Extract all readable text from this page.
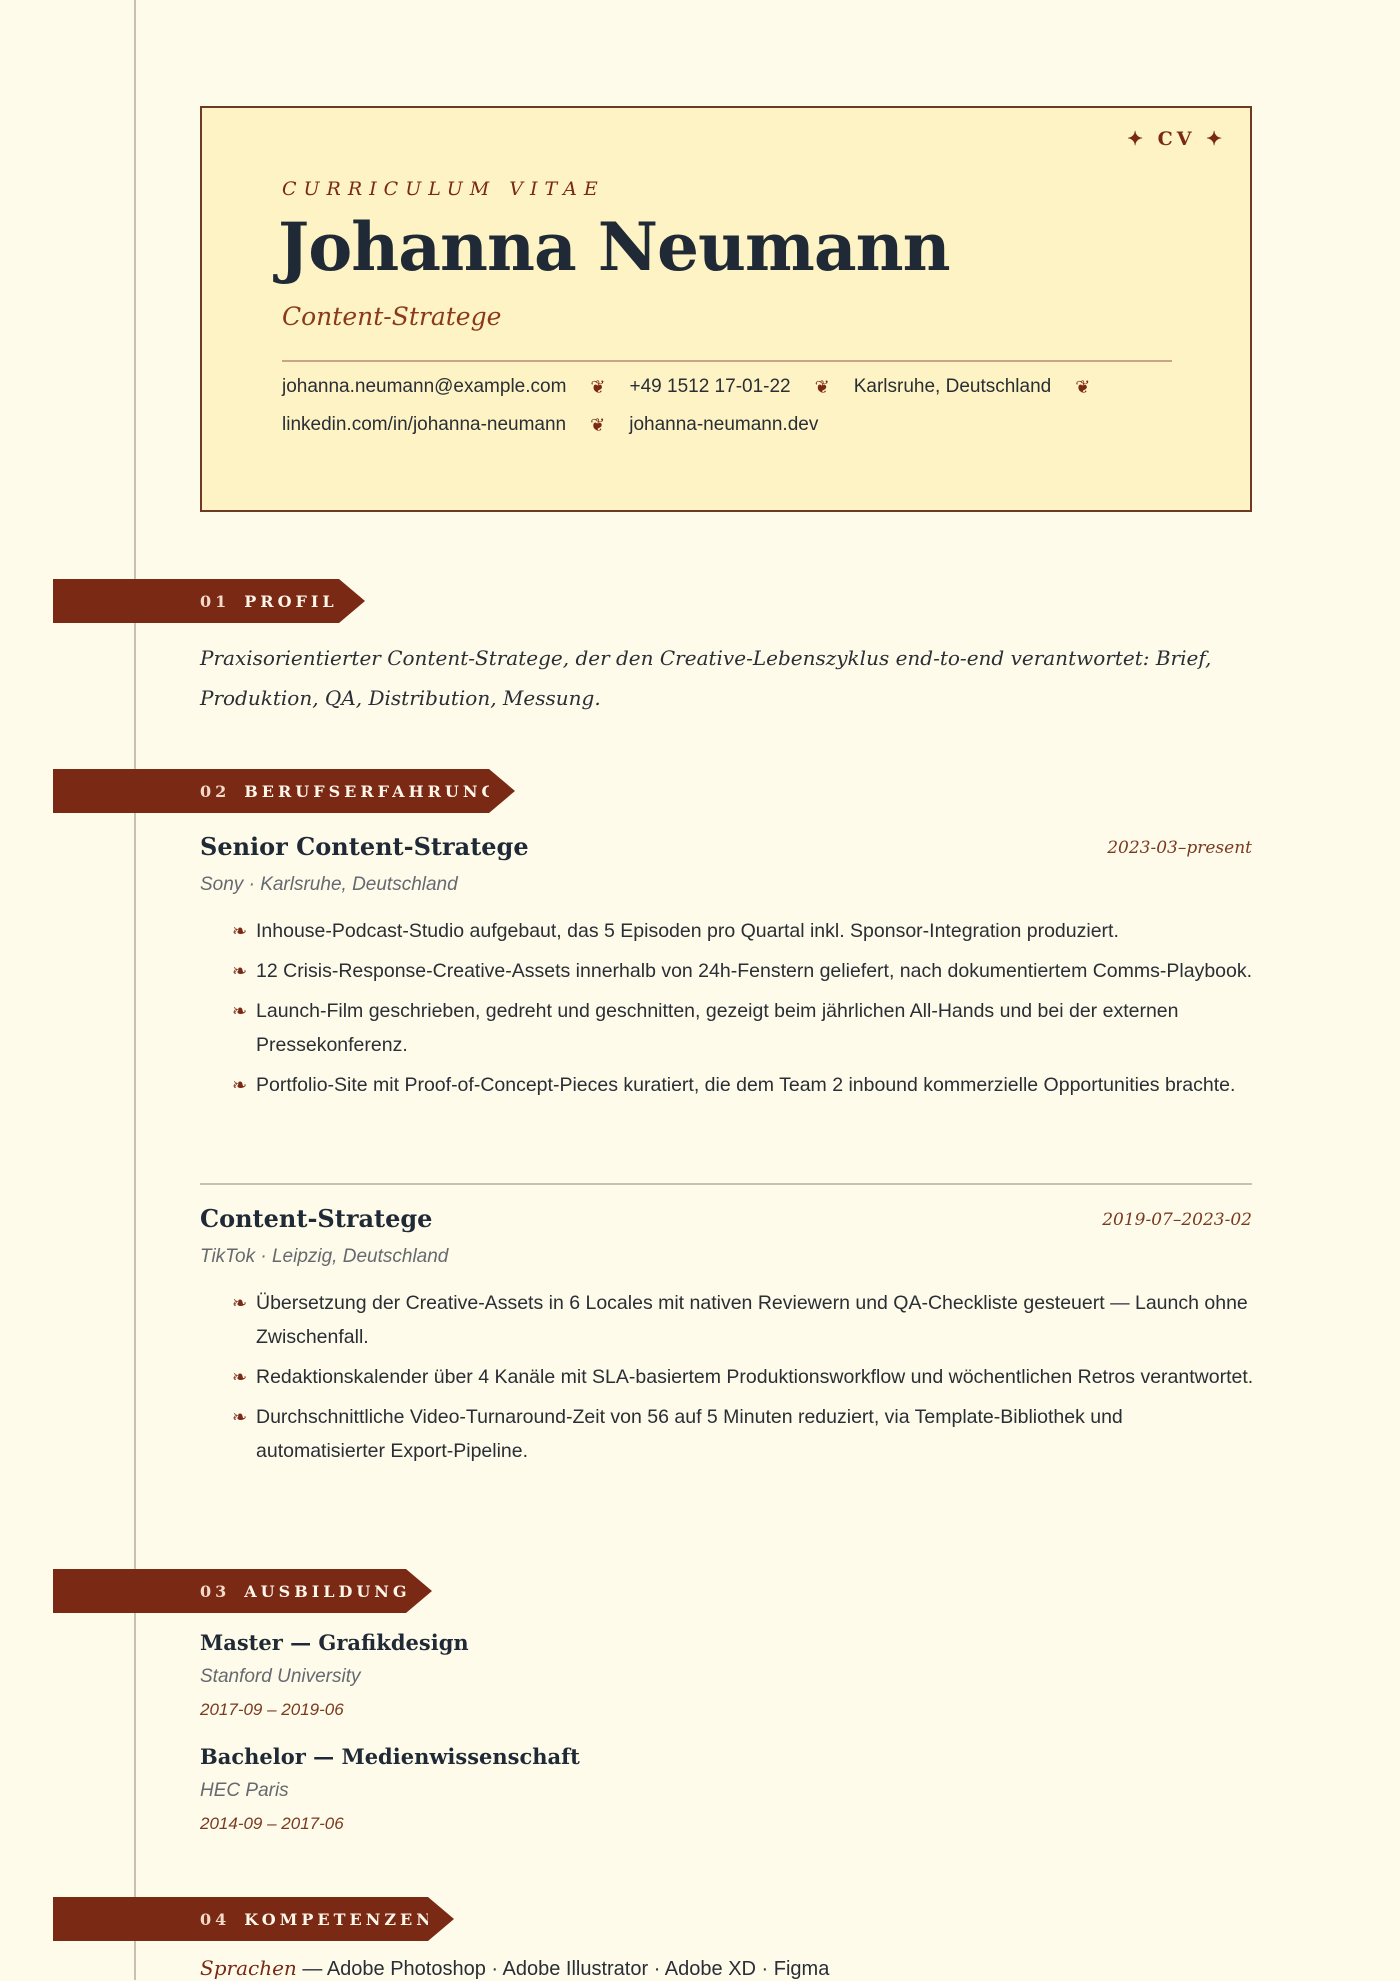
✦ CV ✦
CURRICULUM VITAE
Johanna Neumann
Content-Stratege
johanna.neumann@example.com ❦ +49 1512 17-01-22 ❦ Karlsruhe, Deutschland ❦
linkedin.com/in/johanna-neumann ❦ johanna-neumann.dev
01 PROFIL

Praxisorientierter Content-Stratege, der den Creative-Lebenszyklus end-to-end verantwortet: Brief, Produktion, QA, Distribution, Messung.

02 BERUFSERFAHRUNG
Senior Content-Stratege	2023-03–present
Sony · Karlsruhe, Deutschland
❧ Inhouse-Podcast-Studio aufgebaut, das 5 Episoden pro Quartal inkl. Sponsor-Integration produziert.
❧ 12 Crisis-Response-Creative-Assets innerhalb von 24h-Fenstern geliefert, nach dokumentiertem Comms-Playbook.
❧ Launch-Film geschrieben, gedreht und geschnitten, gezeigt beim jährlichen All-Hands und bei der externen Pressekonferenz.
❧ Portfolio-Site mit Proof-of-Concept-Pieces kuratiert, die dem Team 2 inbound kommerzielle Opportunities brachte.
Content-Stratege	2019-07–2023-02
TikTok · Leipzig, Deutschland
❧ Übersetzung der Creative-Assets in 6 Locales mit nativen Reviewern und QA-Checkliste gesteuert — Launch ohne Zwischenfall.
❧ Redaktionskalender über 4 Kanäle mit SLA-basiertem Produktionsworkflow und wöchentlichen Retros verantwortet.
❧ Durchschnittliche Video-Turnaround-Zeit von 56 auf 5 Minuten reduziert, via Template-Bibliothek und automatisierter Export-Pipeline.
03 AUSBILDUNG
Master — Grafikdesign
Stanford University
2017-09 – 2019-06
Bachelor — Medienwissenschaft
HEC Paris
2014-09 – 2017-06
04 KOMPETENZEN
Sprachen — Adobe Photoshop · Adobe Illustrator · Adobe XD · Figma
